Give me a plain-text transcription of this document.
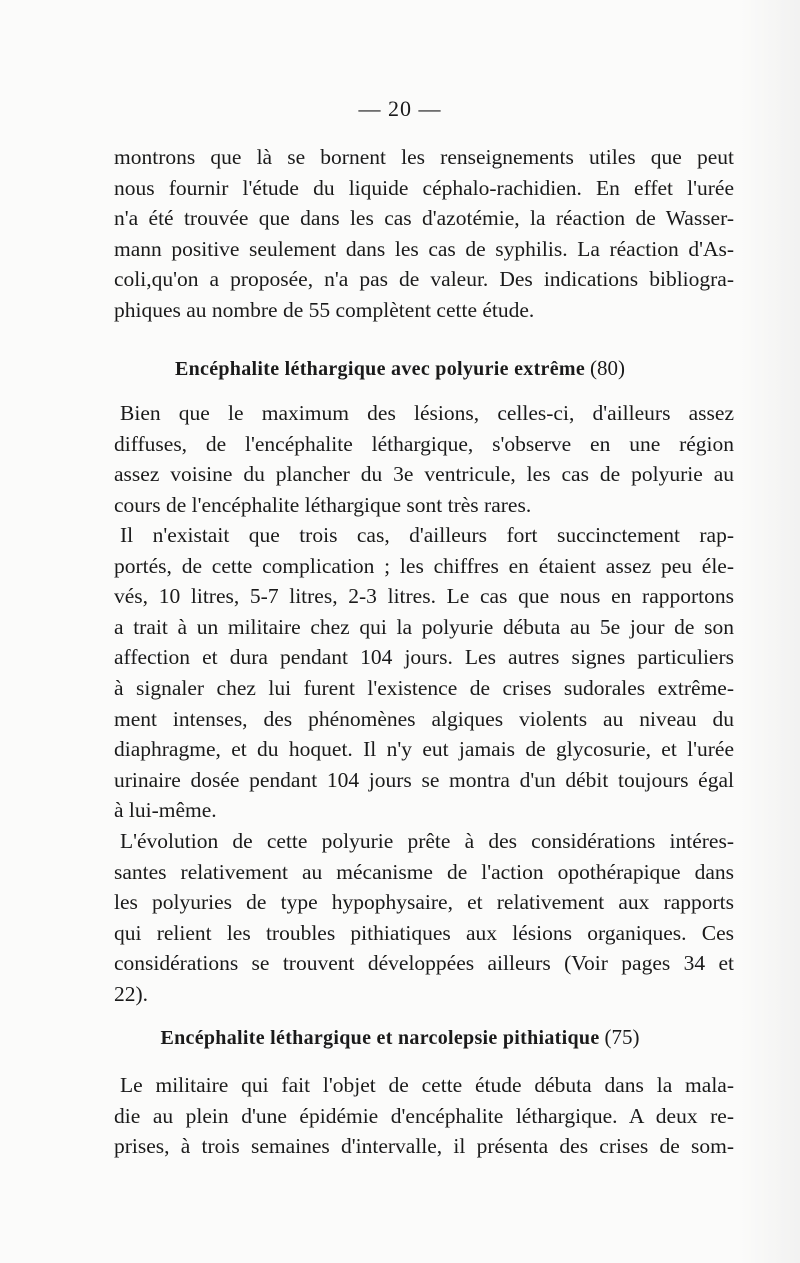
— 20 —
montrons que là se bornent les renseignements utiles que peut
nous fournir l'étude du liquide céphalo-rachidien. En effet l'urée
n'a été trouvée que dans les cas d'azotémie, la réaction de Wasser-
mann positive seulement dans les cas de syphilis. La réaction d'As-
coli,qu'on a proposée, n'a pas de valeur. Des indications bibliogra-
phiques au nombre de 55 complètent cette étude.
Encéphalite léthargique avec polyurie extrême (80)
Bien que le maximum des lésions, celles-ci, d'ailleurs assez
diffuses, de l'encéphalite léthargique, s'observe en une région
assez voisine du plancher du 3e ventricule, les cas de polyurie au
cours de l'encéphalite léthargique sont très rares.
Il n'existait que trois cas, d'ailleurs fort succinctement rap-
portés, de cette complication ; les chiffres en étaient assez peu éle-
vés, 10 litres, 5-7 litres, 2-3 litres. Le cas que nous en rapportons
a trait à un militaire chez qui la polyurie débuta au 5e jour de son
affection et dura pendant 104 jours. Les autres signes particuliers
à signaler chez lui furent l'existence de crises sudorales extrême-
ment intenses, des phénomènes algiques violents au niveau du
diaphragme, et du hoquet. Il n'y eut jamais de glycosurie, et l'urée
urinaire dosée pendant 104 jours se montra d'un débit toujours égal
à lui-même.
L'évolution de cette polyurie prête à des considérations intéres-
santes relativement au mécanisme de l'action opothérapique dans
les polyuries de type hypophysaire, et relativement aux rapports
qui relient les troubles pithiatiques aux lésions organiques. Ces
considérations se trouvent développées ailleurs (Voir pages 34 et
22).
Encéphalite léthargique et narcolepsie pithiatique (75)
Le militaire qui fait l'objet de cette étude débuta dans la mala-
die au plein d'une épidémie d'encéphalite léthargique. A deux re-
prises, à trois semaines d'intervalle, il présenta des crises de som-
